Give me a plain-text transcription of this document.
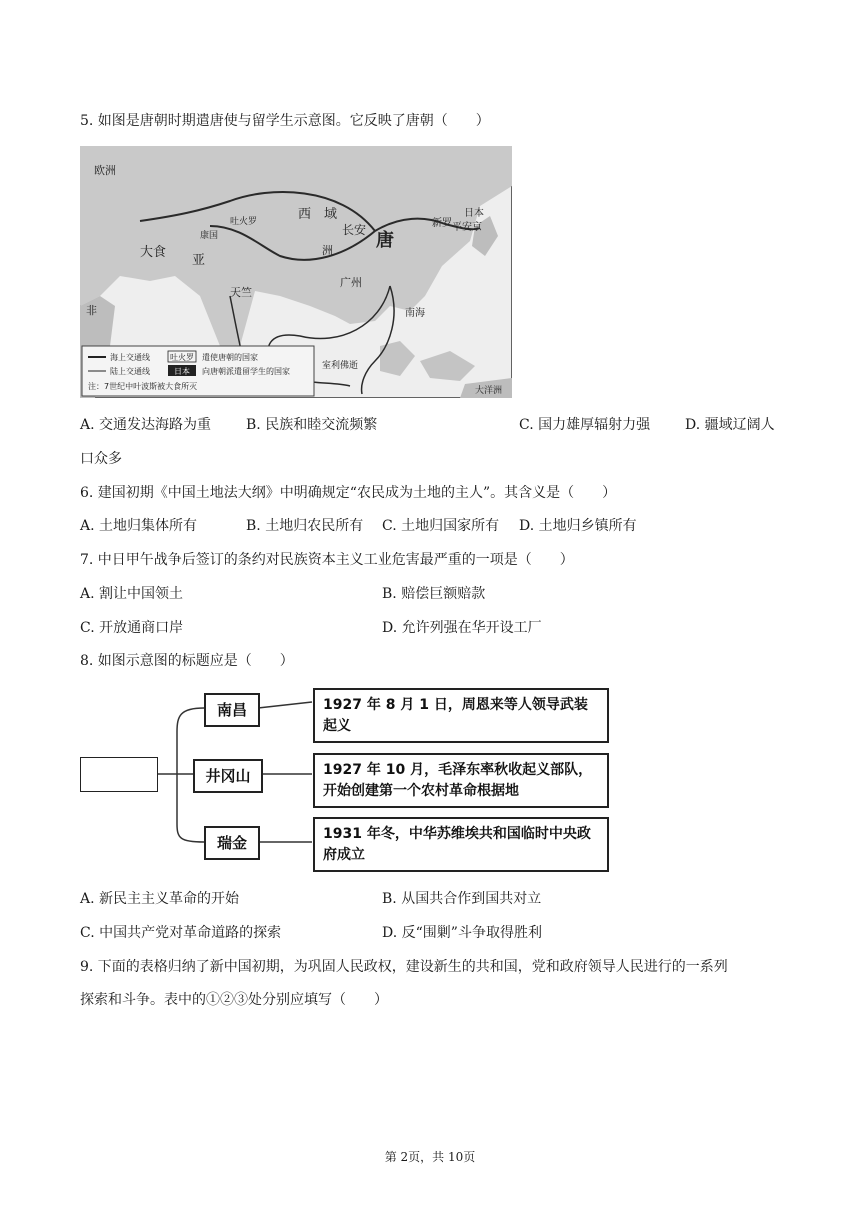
5. 如图是唐朝时期遣唐使与留学生示意图。它反映了唐朝（　　）
欧洲
西　域
唐
长安
广州
天竺
大食
亚
非
吐火罗
康国
新罗 平安京
日本
南海
大洋洲
室利佛逝
洲
海上交通线
陆上交通线
吐火罗 遣使唐朝的国家
日本 向唐朝派遣留学生的国家
注：7世纪中叶波斯被大食所灭
A. 交通发达海路为重 B. 民族和睦交流频繁	C. 国力雄厚辐射力强 D. 疆域辽阔人
口众多
6. 建国初期《中国土地法大纲》中明确规定“农民成为土地的主人”。其含义是（　　）
A. 土地归集体所有	B. 土地归农民所有 C. 土地归国家所有 D. 土地归乡镇所有
7. 中日甲午战争后签订的条约对民族资本主义工业危害最严重的一项是（　　）
A. 割让中国领土	B. 赔偿巨额赔款
C. 开放通商口岸	D. 允许列强在华开设工厂
8. 如图示意图的标题应是（　　）
南昌
井冈山
瑞金
1927 年 8 月 1 日，周恩来等人领导武装起义
1927 年 10 月，毛泽东率秋收起义部队，开始创建第一个农村革命根据地
1931 年冬，中华苏维埃共和国临时中央政府成立
A. 新民主主义革命的开始	B. 从国共合作到国共对立
C. 中国共产党对革命道路的探索	D. 反“围剿”斗争取得胜利
9. 下面的表格归纳了新中国初期，为巩固人民政权，建设新生的共和国，党和政府领导人民进行的一系列
探索和斗争。表中的①②③处分别应填写（　　）
第 2页，共 10页
